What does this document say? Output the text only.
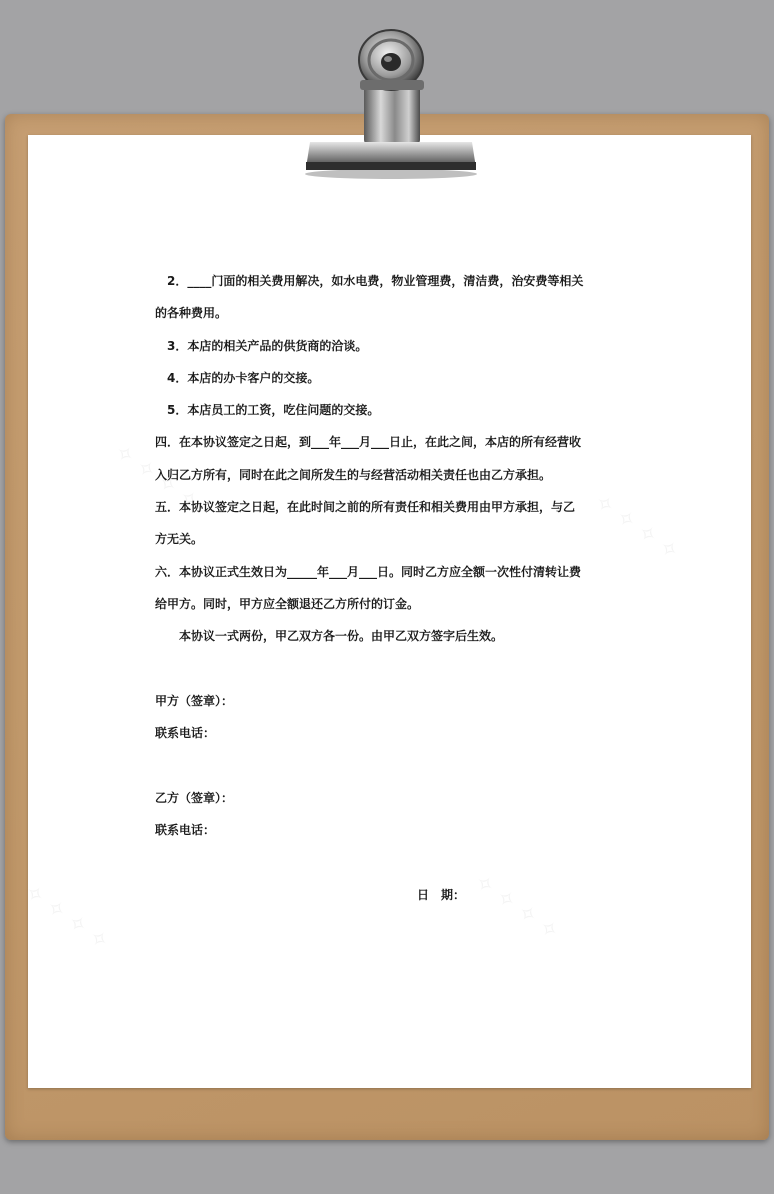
✧ ✧ ✧ ✧
✧ ✧ ✧ ✧
✧ ✧ ✧ ✧	✧ ✧ ✧ ✧
　2．____门面的相关费用解决，如水电费，物业管理费，清洁费，治安费等相关
的各种费用。
　3．本店的相关产品的供货商的洽谈。
　4．本店的办卡客户的交接。
　5．本店员工的工资，吃住问题的交接。
四．在本协议签定之日起，到___年___月___日止，在此之间，本店的所有经营收
入归乙方所有，同时在此之间所发生的与经营活动相关责任也由乙方承担。
五．本协议签定之日起，在此时间之前的所有责任和相关费用由甲方承担，与乙
方无关。
六．本协议正式生效日为_____年___月___日。同时乙方应全额一次性付清转让费
给甲方。同时，甲方应全额退还乙方所付的订金。
　　本协议一式两份，甲乙双方各一份。由甲乙双方签字后生效。
甲方（签章）：
联系电话：
乙方（签章）：
联系电话：
日　期：
